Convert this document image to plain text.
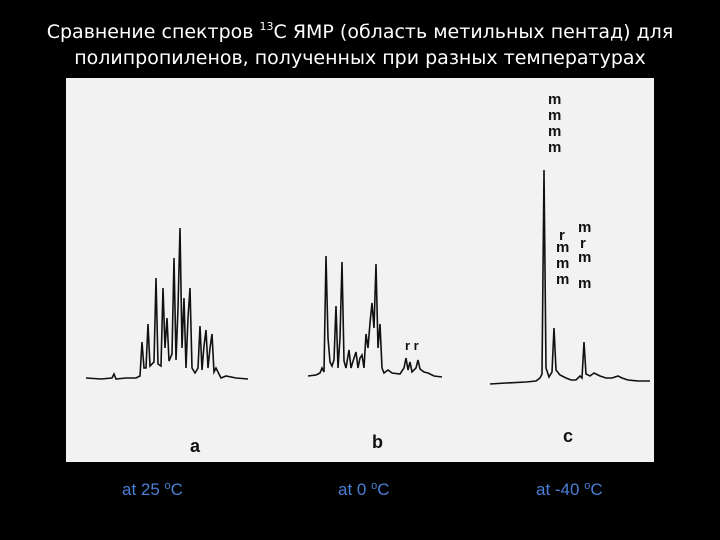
Сравнение спектров $^{13}$C ЯМР (область метильных пентад) для
полипропиленов, полученных при разных температурах
m
m
m
m
m
m
m
r m
m
r
m
r r
a	b	c
at 25 $^o$C	at 0 $^o$C	at -40 $^o$C
